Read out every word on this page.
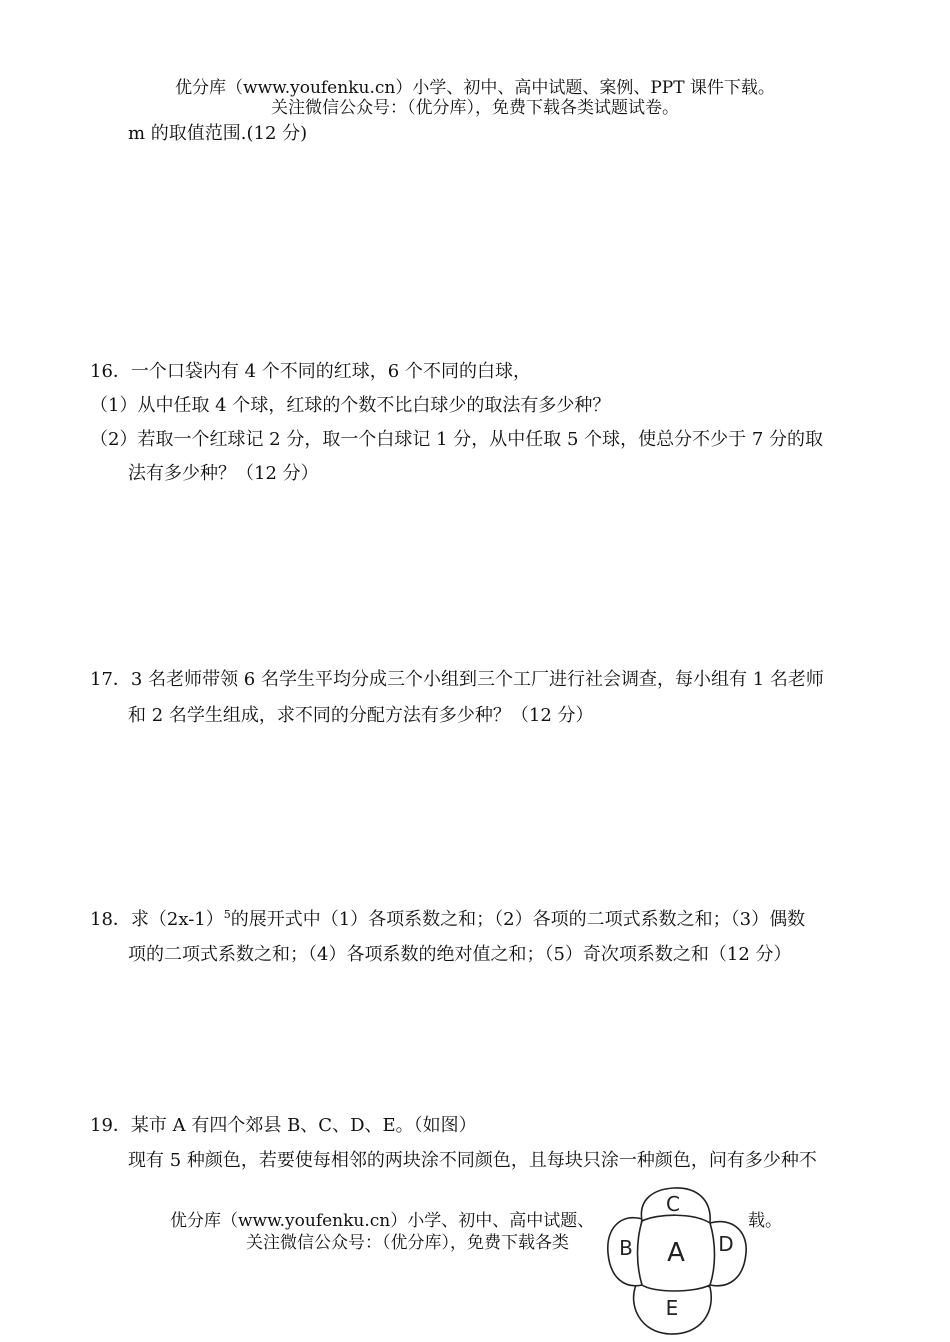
优分库（www.youfenku.cn）小学、初中、高中试题、案例、PPT 课件下载。
关注微信公众号：（优分库），免费下载各类试题试卷。
m 的取值范围.(12 分)
16．一个口袋内有 4 个不同的红球，6 个不同的白球，
（1）从中任取 4 个球，红球的个数不比白球少的取法有多少种？
（2）若取一个红球记 2 分，取一个白球记 1 分，从中任取 5 个球，使总分不少于 7 分的取
法有多少种？（12 分）
17．3 名老师带领 6 名学生平均分成三个小组到三个工厂进行社会调查，每小组有 1 名老师
和 2 名学生组成，求不同的分配方法有多少种？（12 分）
18．求$(2x-1)^5$的展开式中（1）各项系数之和；（2）各项的二项式系数之和；（3）偶数
项的二项式系数之和；（4）各项系数的绝对值之和；（5）奇次项系数之和（12 分）
19．某市 A 有四个郊县 B、C、D、E。（如图）
现有 5 种颜色，若要使每相邻的两块涂不同颜色，且每块只涂一种颜色，问有多少种不
优分库（www.youfenku.cn）小学、初中、高中试题、	载。
关注微信公众号：（优分库），免费下载各类	A
B
C
D
E
